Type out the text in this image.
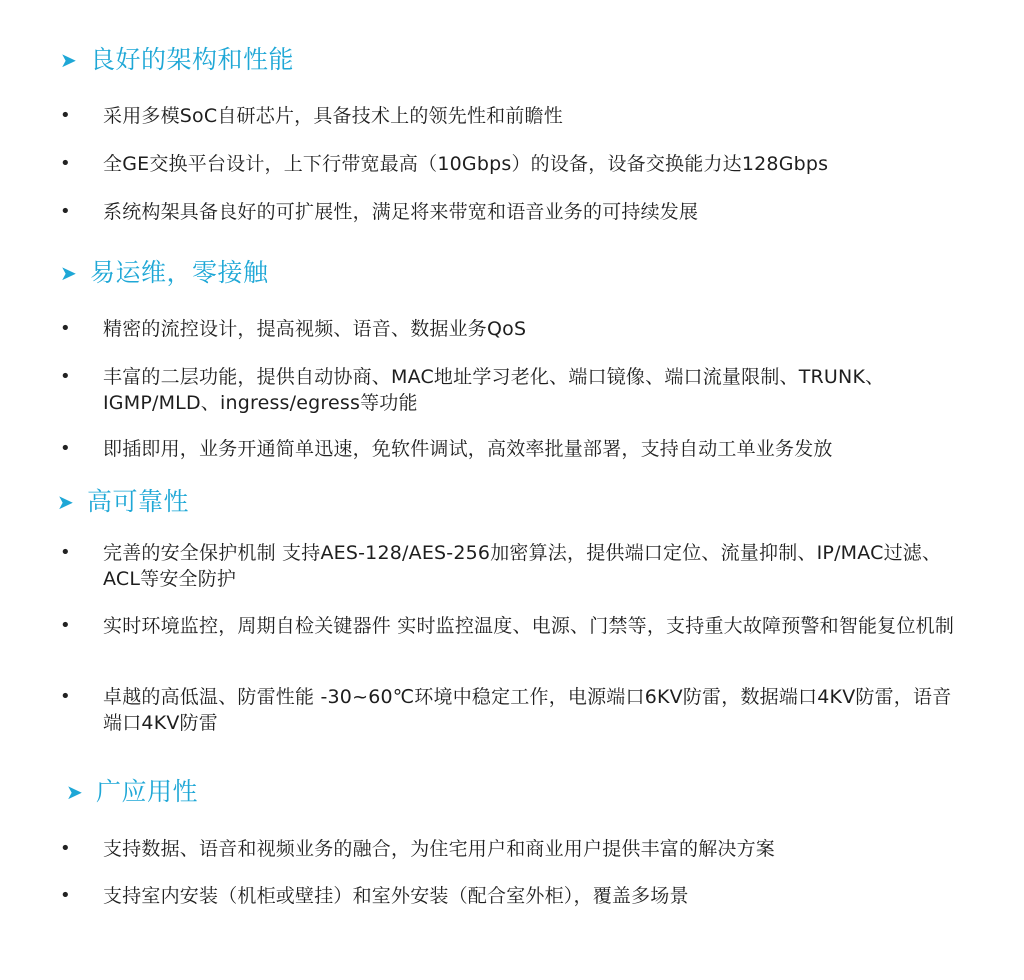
➤ 良好的架构和性能
•	采用多模SoC自研芯片，具备技术上的领先性和前瞻性
•	全GE交换平台设计，上下行带宽最高（10Gbps）的设备，设备交换能力达128Gbps
•	系统构架具备良好的可扩展性，满足将来带宽和语音业务的可持续发展
➤ 易运维，零接触
•	精密的流控设计，提高视频、语音、数据业务QoS
•	丰富的二层功能，提供自动协商、MAC地址学习老化、端口镜像、端口流量限制、TRUNK、IGMP/MLD、ingress/egress等功能
•	即插即用，业务开通简单迅速，免软件调试，高效率批量部署，支持自动工单业务发放
➤ 高可靠性
•	完善的安全保护机制 支持AES-128/AES-256加密算法，提供端口定位、流量抑制、IP/MAC过滤、ACL等安全防护
•	实时环境监控，周期自检关键器件 实时监控温度、电源、门禁等，支持重大故障预警和智能复位机制
•	卓越的高低温、防雷性能 -30~60℃环境中稳定工作，电源端口6KV防雷，数据端口4KV防雷，语音端口4KV防雷
➤ 广应用性
•	支持数据、语音和视频业务的融合，为住宅用户和商业用户提供丰富的解决方案
•	支持室内安装（机柜或壁挂）和室外安装（配合室外柜），覆盖多场景
